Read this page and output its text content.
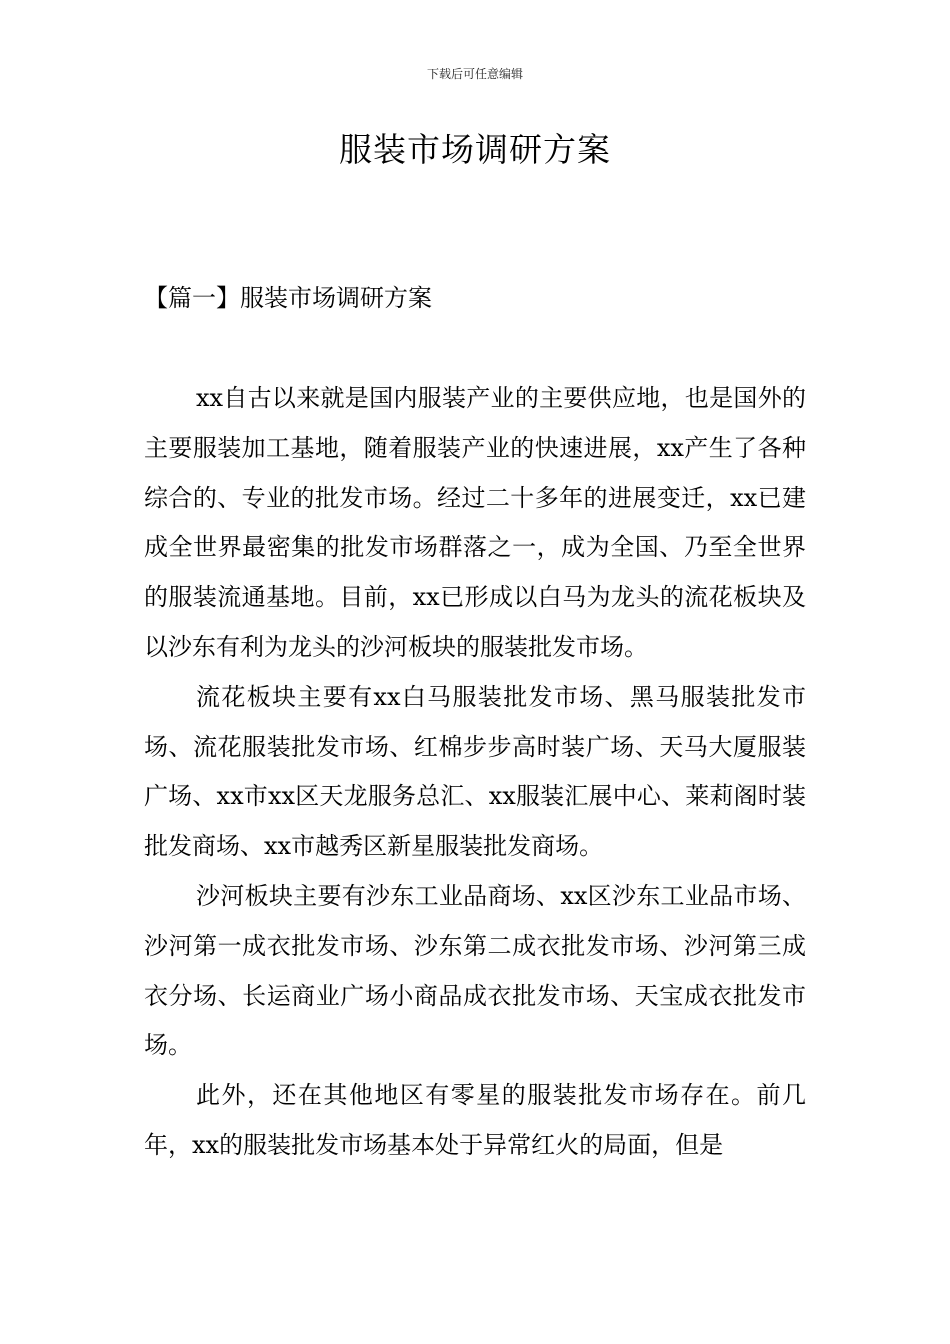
下载后可任意编辑
服装市场调研方案
【篇一】服装市场调研方案

xx自古以来就是国内服装产业的主要供应地，也是国外的主要服装加工基地，随着服装产业的快速进展，xx产生了各种综合的、专业的批发市场。经过二十多年的进展变迁，xx已建成全世界最密集的批发市场群落之一，成为全国、乃至全世界的服装流通基地。目前，xx已形成以白马为龙头的流花板块及以沙东有利为龙头的沙河板块的服装批发市场。

流花板块主要有xx白马服装批发市场、黑马服装批发市场、流花服装批发市场、红棉步步高时装广场、天马大厦服装广场、xx市xx区天龙服务总汇、xx服装汇展中心、莱莉阁时装批发商场、xx市越秀区新星服装批发商场。

沙河板块主要有沙东工业品商场、xx区沙东工业品市场、沙河第一成衣批发市场、沙东第二成衣批发市场、沙河第三成衣分场、长运商业广场小商品成衣批发市场、天宝成衣批发市场。

此外，还在其他地区有零星的服装批发市场存在。前几年，xx的服装批发市场基本处于异常红火的局面，但是
